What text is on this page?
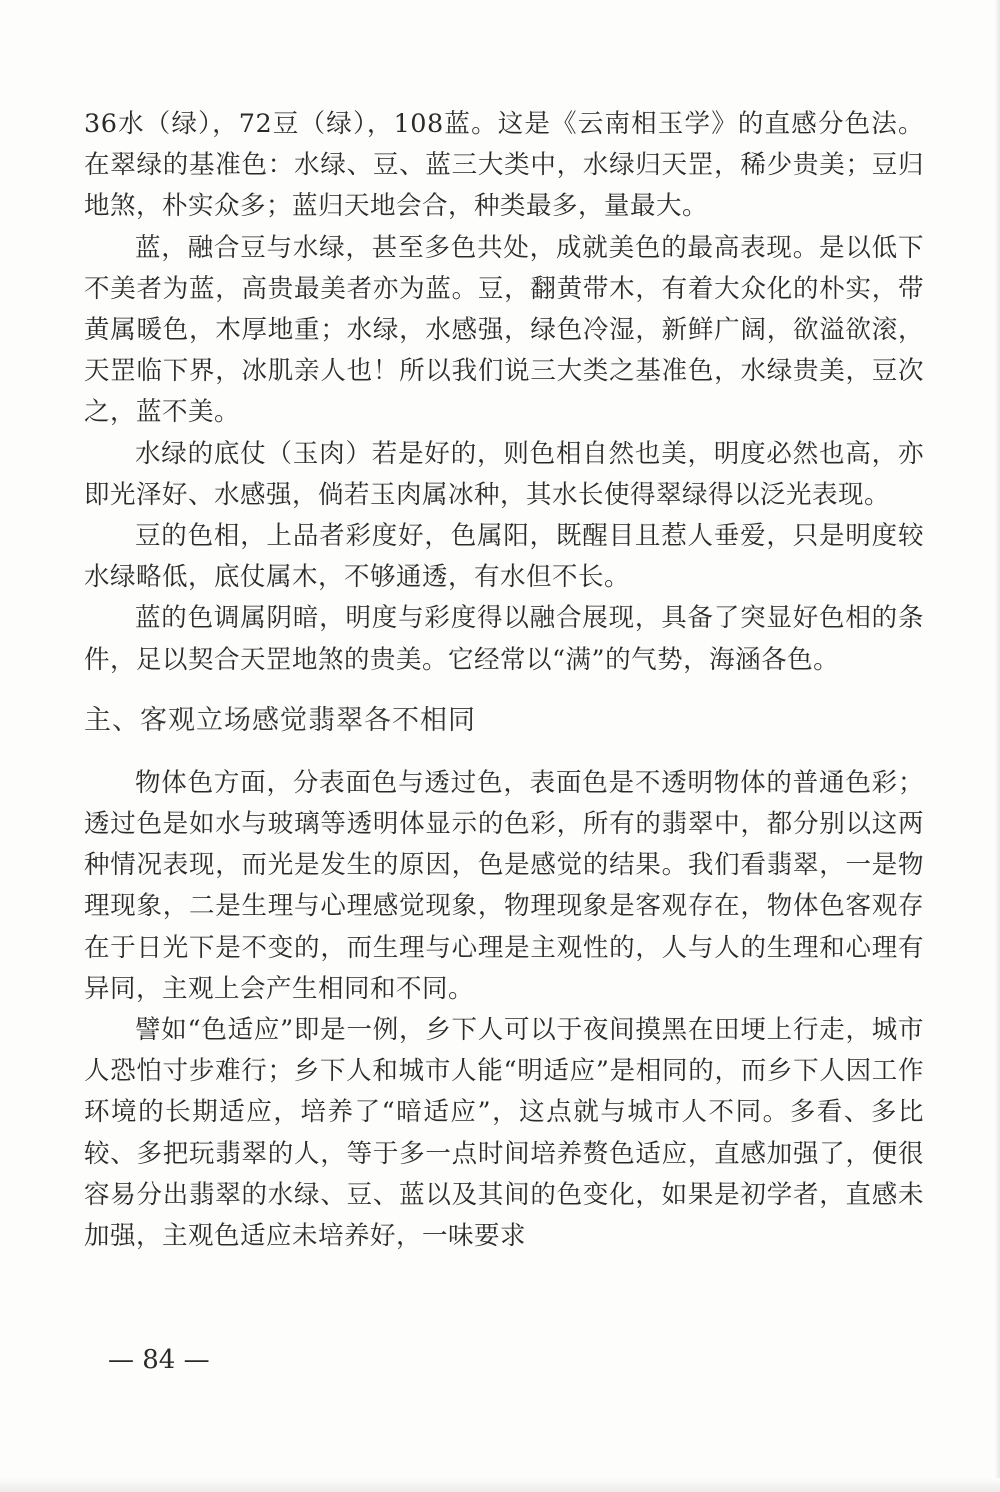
36水（绿），72豆（绿），108蓝。这是《云南相玉学》的直感分色法。在翠绿的基准色：水绿、豆、蓝三大类中，水绿归天罡，稀少贵美；豆归地煞，朴实众多；蓝归天地会合，种类最多，量最大。

蓝，融合豆与水绿，甚至多色共处，成就美色的最高表现。是以低下不美者为蓝，高贵最美者亦为蓝。豆，翻黄带木，有着大众化的朴实，带黄属暖色，木厚地重；水绿，水感强，绿色冷湿，新鲜广阔，欲溢欲滚，天罡临下界，冰肌亲人也！所以我们说三大类之基准色，水绿贵美，豆次之，蓝不美。

水绿的底仗（玉肉）若是好的，则色相自然也美，明度必然也高，亦即光泽好、水感强，倘若玉肉属冰种，其水长使得翠绿得以泛光表现。

豆的色相，上品者彩度好，色属阳，既醒目且惹人垂爱，只是明度较水绿略低，底仗属木，不够通透，有水但不长。

蓝的色调属阴暗，明度与彩度得以融合展现，具备了突显好色相的条件，足以契合天罡地煞的贵美。它经常以“满”的气势，海涵各色。

主、客观立场感觉翡翠各不相同

物体色方面，分表面色与透过色，表面色是不透明物体的普通色彩；透过色是如水与玻璃等透明体显示的色彩，所有的翡翠中，都分别以这两种情况表现，而光是发生的原因，色是感觉的结果。我们看翡翠，一是物理现象，二是生理与心理感觉现象，物理现象是客观存在，物体色客观存在于日光下是不变的，而生理与心理是主观性的，人与人的生理和心理有异同，主观上会产生相同和不同。

譬如“色适应”即是一例，乡下人可以于夜间摸黑在田埂上行走，城市人恐怕寸步难行；乡下人和城市人能“明适应”是相同的，而乡下人因工作环境的长期适应，培养了“暗适应”，这点就与城市人不同。多看、多比较、多把玩翡翠的人，等于多一点时间培养赘色适应，直感加强了，便很容易分出翡翠的水绿、豆、蓝以及其间的色变化，如果是初学者，直感未加强，主观色适应未培养好，一味要求

— 84 —
